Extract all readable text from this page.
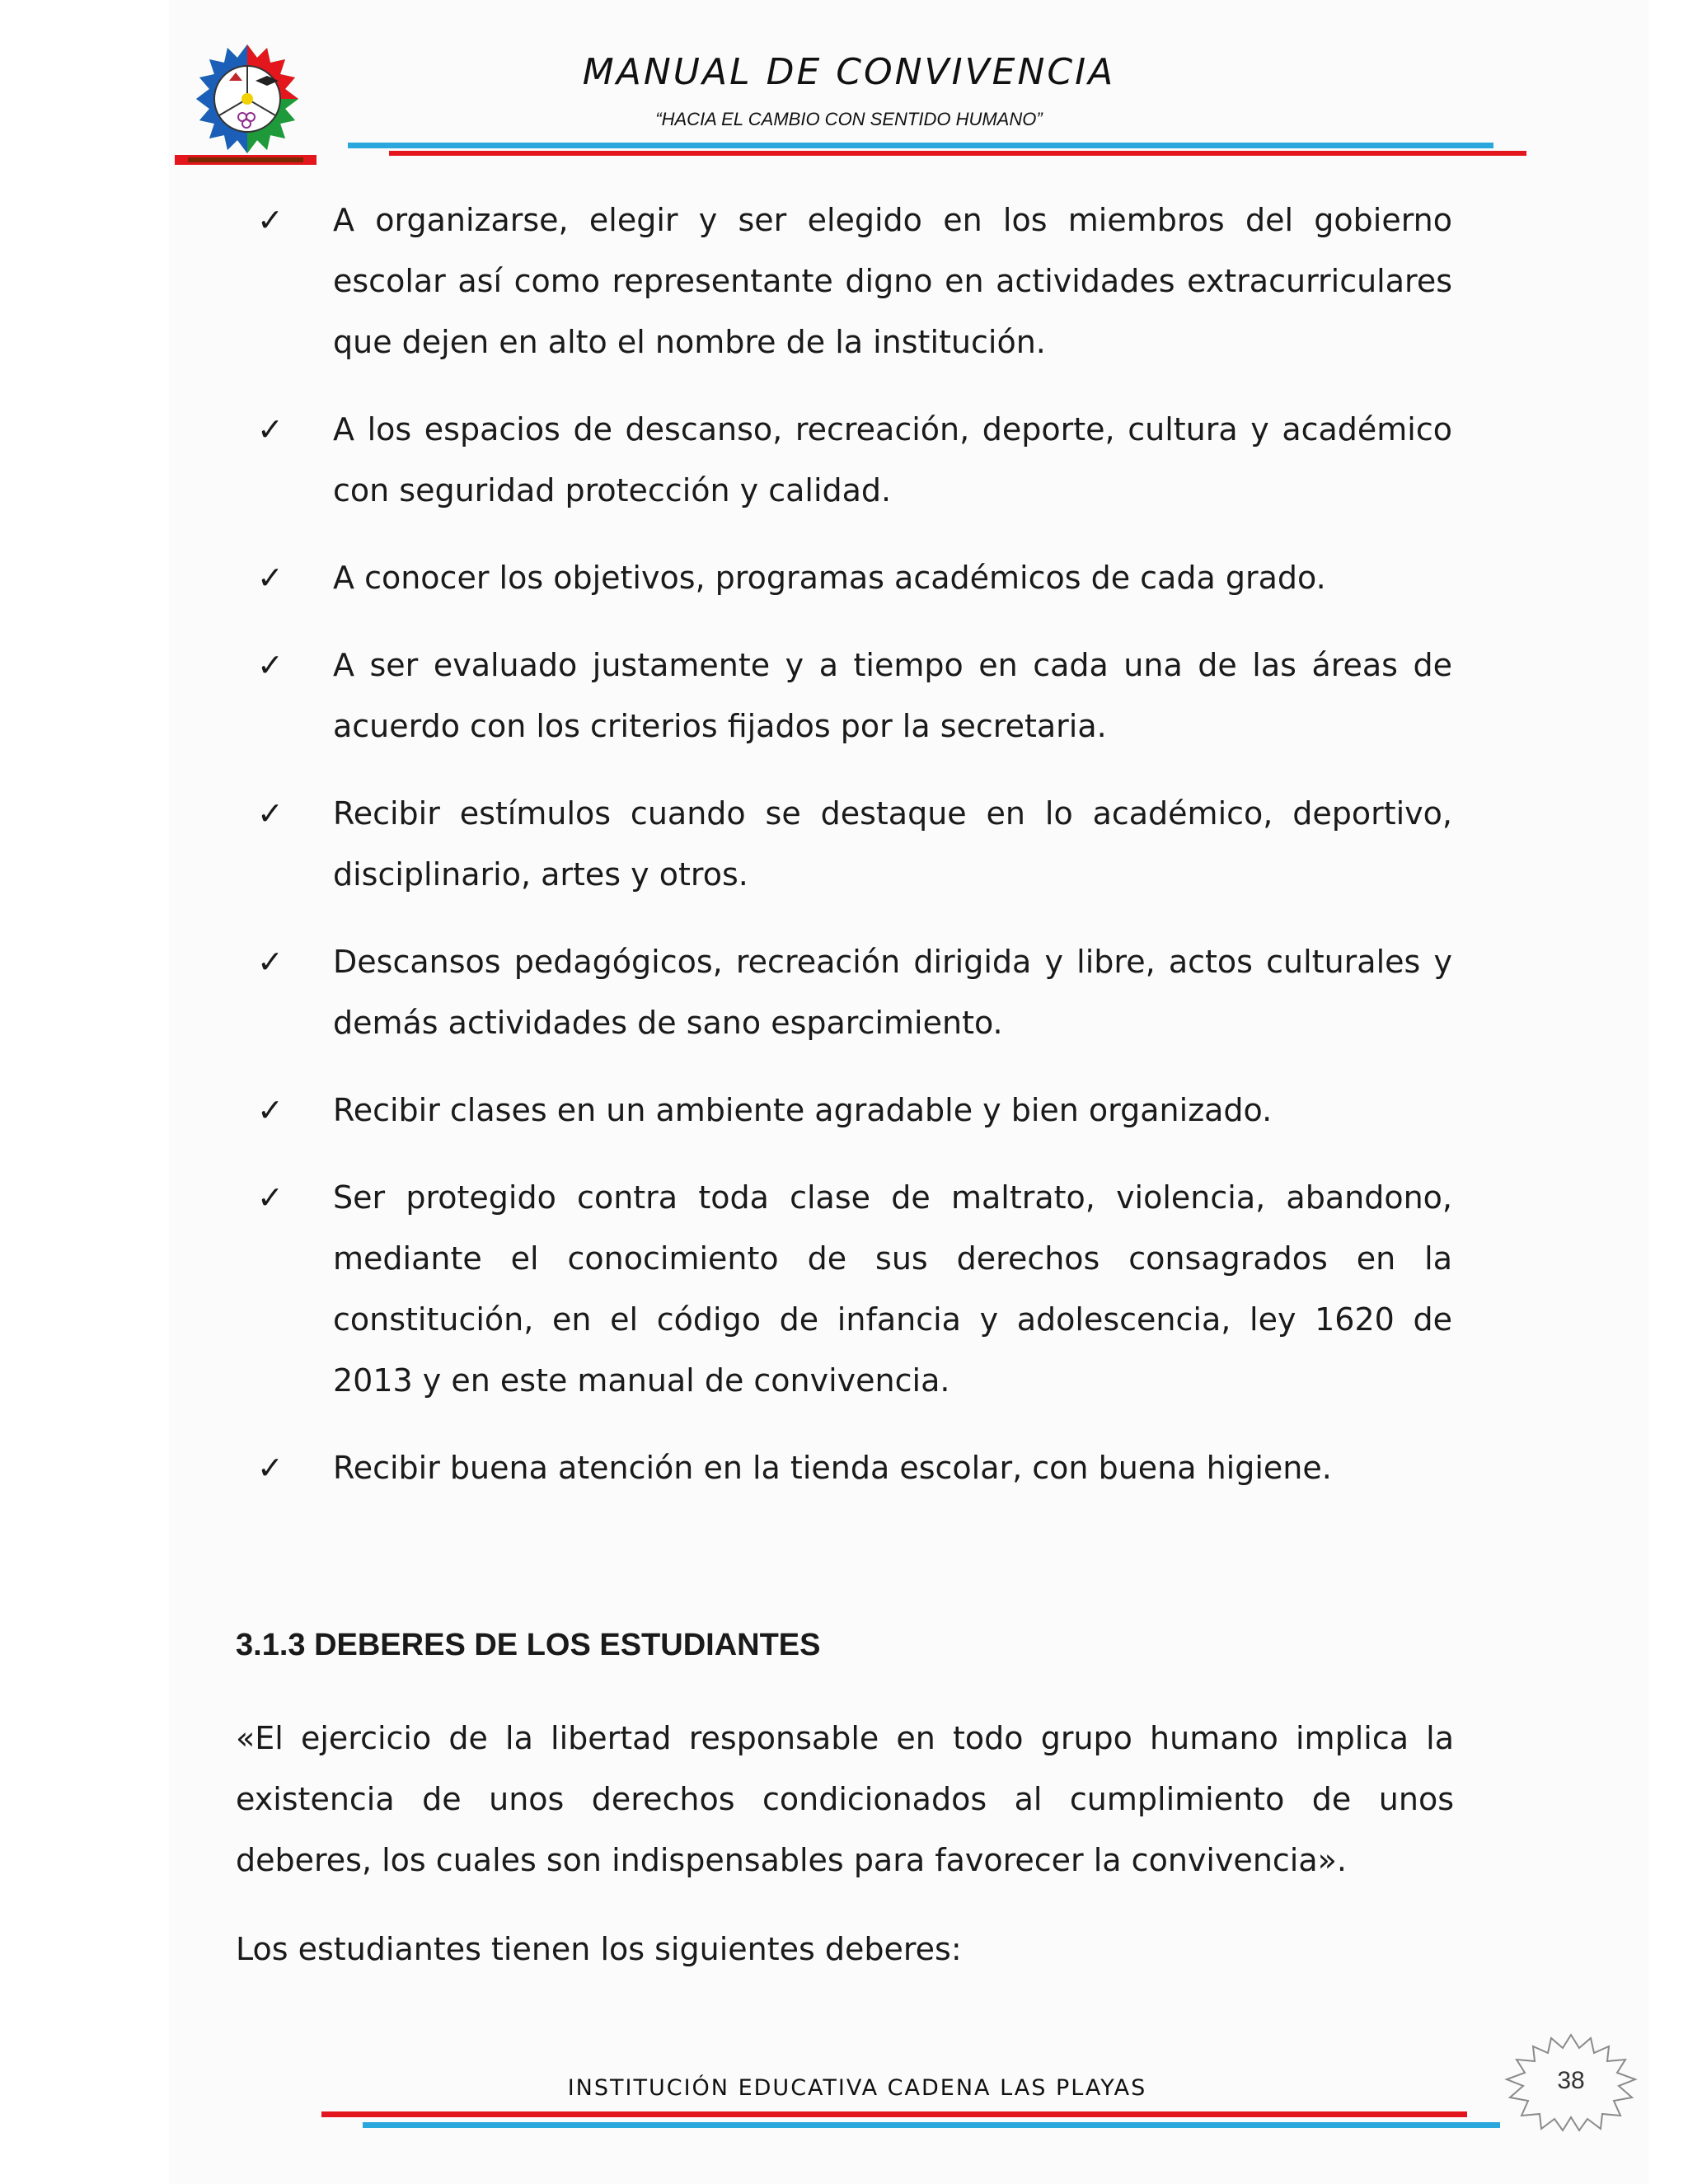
MANUAL DE CONVIVENCIA
“HACIA EL CAMBIO CON SENTIDO HUMANO”
✓ A organizarse, elegir y ser elegido en los miembros del gobierno escolar así como representante digno en actividades extracurriculares que dejen en alto el nombre de la institución.
✓ A los espacios de descanso, recreación, deporte, cultura y académico con seguridad protección y calidad.
✓ A conocer los objetivos, programas académicos de cada grado.
✓ A ser evaluado justamente y a tiempo en cada una de las áreas de acuerdo con los criterios fijados por la secretaria.
✓ Recibir estímulos cuando se destaque en lo académico, deportivo, disciplinario, artes y otros.
✓ Descansos pedagógicos, recreación dirigida y libre, actos culturales y demás actividades de sano esparcimiento.
✓ Recibir clases en un ambiente agradable y bien organizado.
✓ Ser protegido contra toda clase de maltrato, violencia, abandono, mediante el conocimiento de sus derechos consagrados en la constitución, en el código de infancia y adolescencia, ley 1620 de 2013 y en este manual de convivencia.
✓ Recibir buena atención en la tienda escolar, con buena higiene.
3.1.3 DEBERES DE LOS ESTUDIANTES

«El ejercicio de la libertad responsable en todo grupo humano implica la existencia de unos derechos condicionados al cumplimiento de unos deberes, los cuales son indispensables para favorecer la convivencia».

Los estudiantes tienen los siguientes deberes:

INSTITUCIÓN EDUCATIVA CADENA LAS PLAYAS	38
